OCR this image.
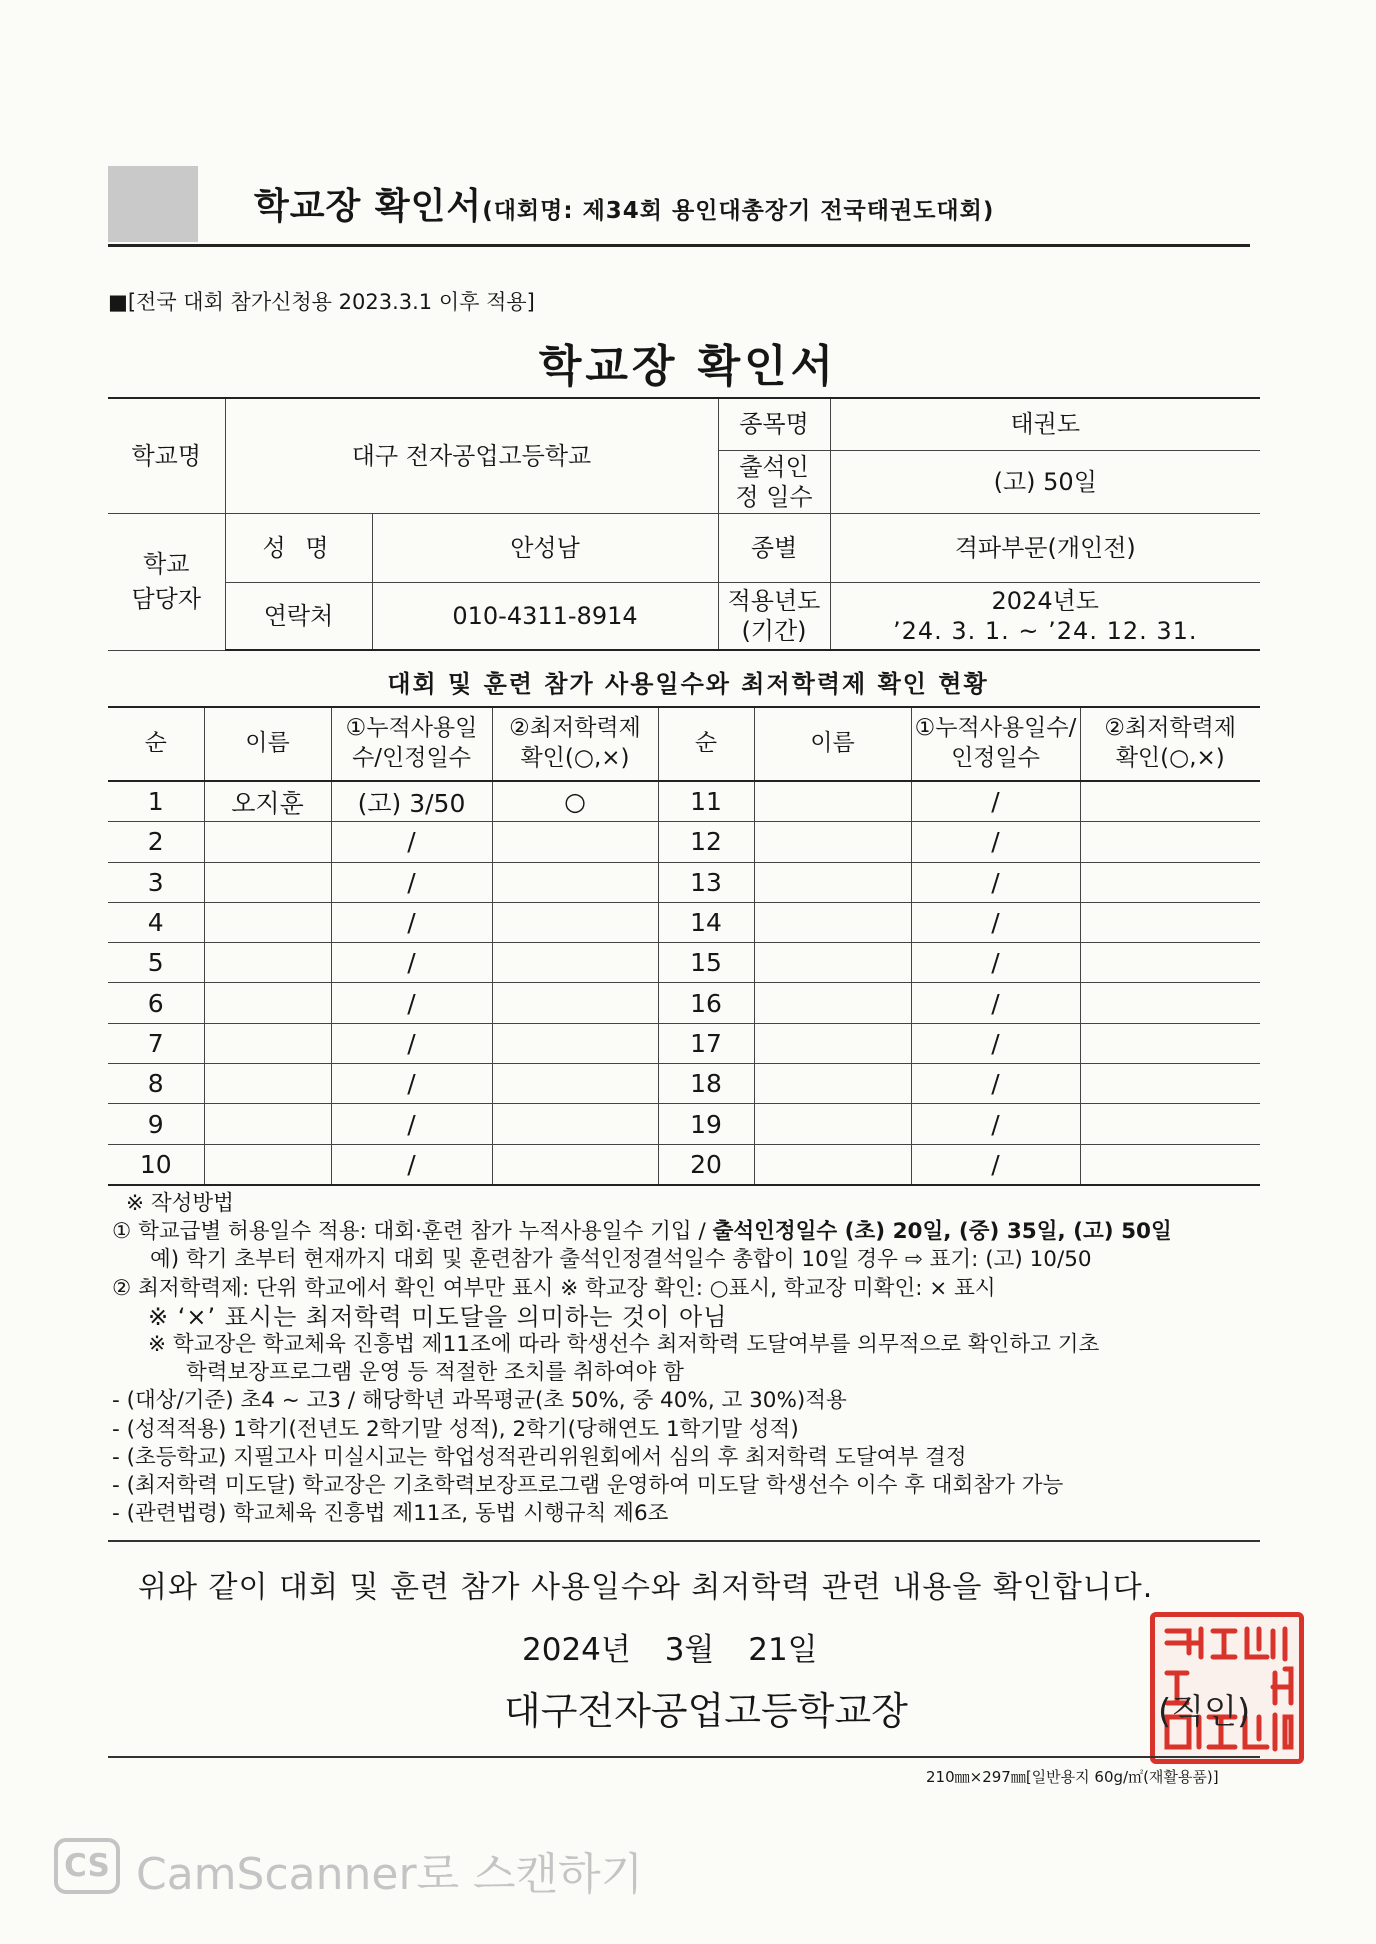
학교장 확인서(대회명: 제34회 용인대총장기 전국태권도대회)
■[전국 대회 참가신청용 2023.3.1 이후 적용]
학교장 확인서
학교명	대구 전자공업고등학교		종목명	태권도

			출석인정 일수	(고) 50일

학교 담당자	성 명	안성남	종별	격파부문(개인전)
	연락처	010-4311-8914	적용년도 (기간)	2024년도
’24. 3. 1. ~ ’24. 12. 31.
대회 및 훈련 참가 사용일수와 최저학력제 확인 현황
순	이름	①누적사용일수/인정일수	②최저학력제 확인(○,×)	순	이름	①누적사용일수/인정일수	②최저학력제 확인(○,×)

1	오지훈	(고) 3/50	○	11		/	
2		/		12		/	
3		/		13		/	
4		/		14		/	
5		/		15		/	
6		/		16		/	
7		/		17		/	
8		/		18		/	
9		/		19		/	
10		/		20		/	
※ 작성방법
① 학교급별 허용일수 적용: 대회·훈련 참가 누적사용일수 기입 / 출석인정일수 (초) 20일, (중) 35일, (고) 50일
예) 학기 초부터 현재까지 대회 및 훈련참가 출석인정결석일수 총합이 10일 경우 ⇨ 표기: (고) 10/50
② 최저학력제: 단위 학교에서 확인 여부만 표시 ※ 학교장 확인: ○표시, 학교장 미확인: × 표시
※ ‘×’ 표시는 최저학력 미도달을 의미하는 것이 아님
※ 학교장은 학교체육 진흥법 제11조에 따라 학생선수 최저학력 도달여부를 의무적으로 확인하고 기초
학력보장프로그램 운영 등 적절한 조치를 취하여야 함
- (대상/기준) 초4 ~ 고3 / 해당학년 과목평균(초 50%, 중 40%, 고 30%)적용
- (성적적용) 1학기(전년도 2학기말 성적), 2학기(당해연도 1학기말 성적)
- (초등학교) 지필고사 미실시교는 학업성적관리위원회에서 심의 후 최저학력 도달여부 결정
- (최저학력 미도달) 학교장은 기초학력보장프로그램 운영하여 미도달 학생선수 이수 후 대회참가 가능
- (관련법령) 학교체육 진흥법 제11조, 동법 시행규칙 제6조
위와 같이 대회 및 훈련 참가 사용일수와 최저학력 관련 내용을 확인합니다.
2024년 3월 21일
대구전자공업고등학교장	(직인)
210㎜×297㎜[일반용지 60g/㎡(재활용품)]
CS CamScanner로 스캔하기
